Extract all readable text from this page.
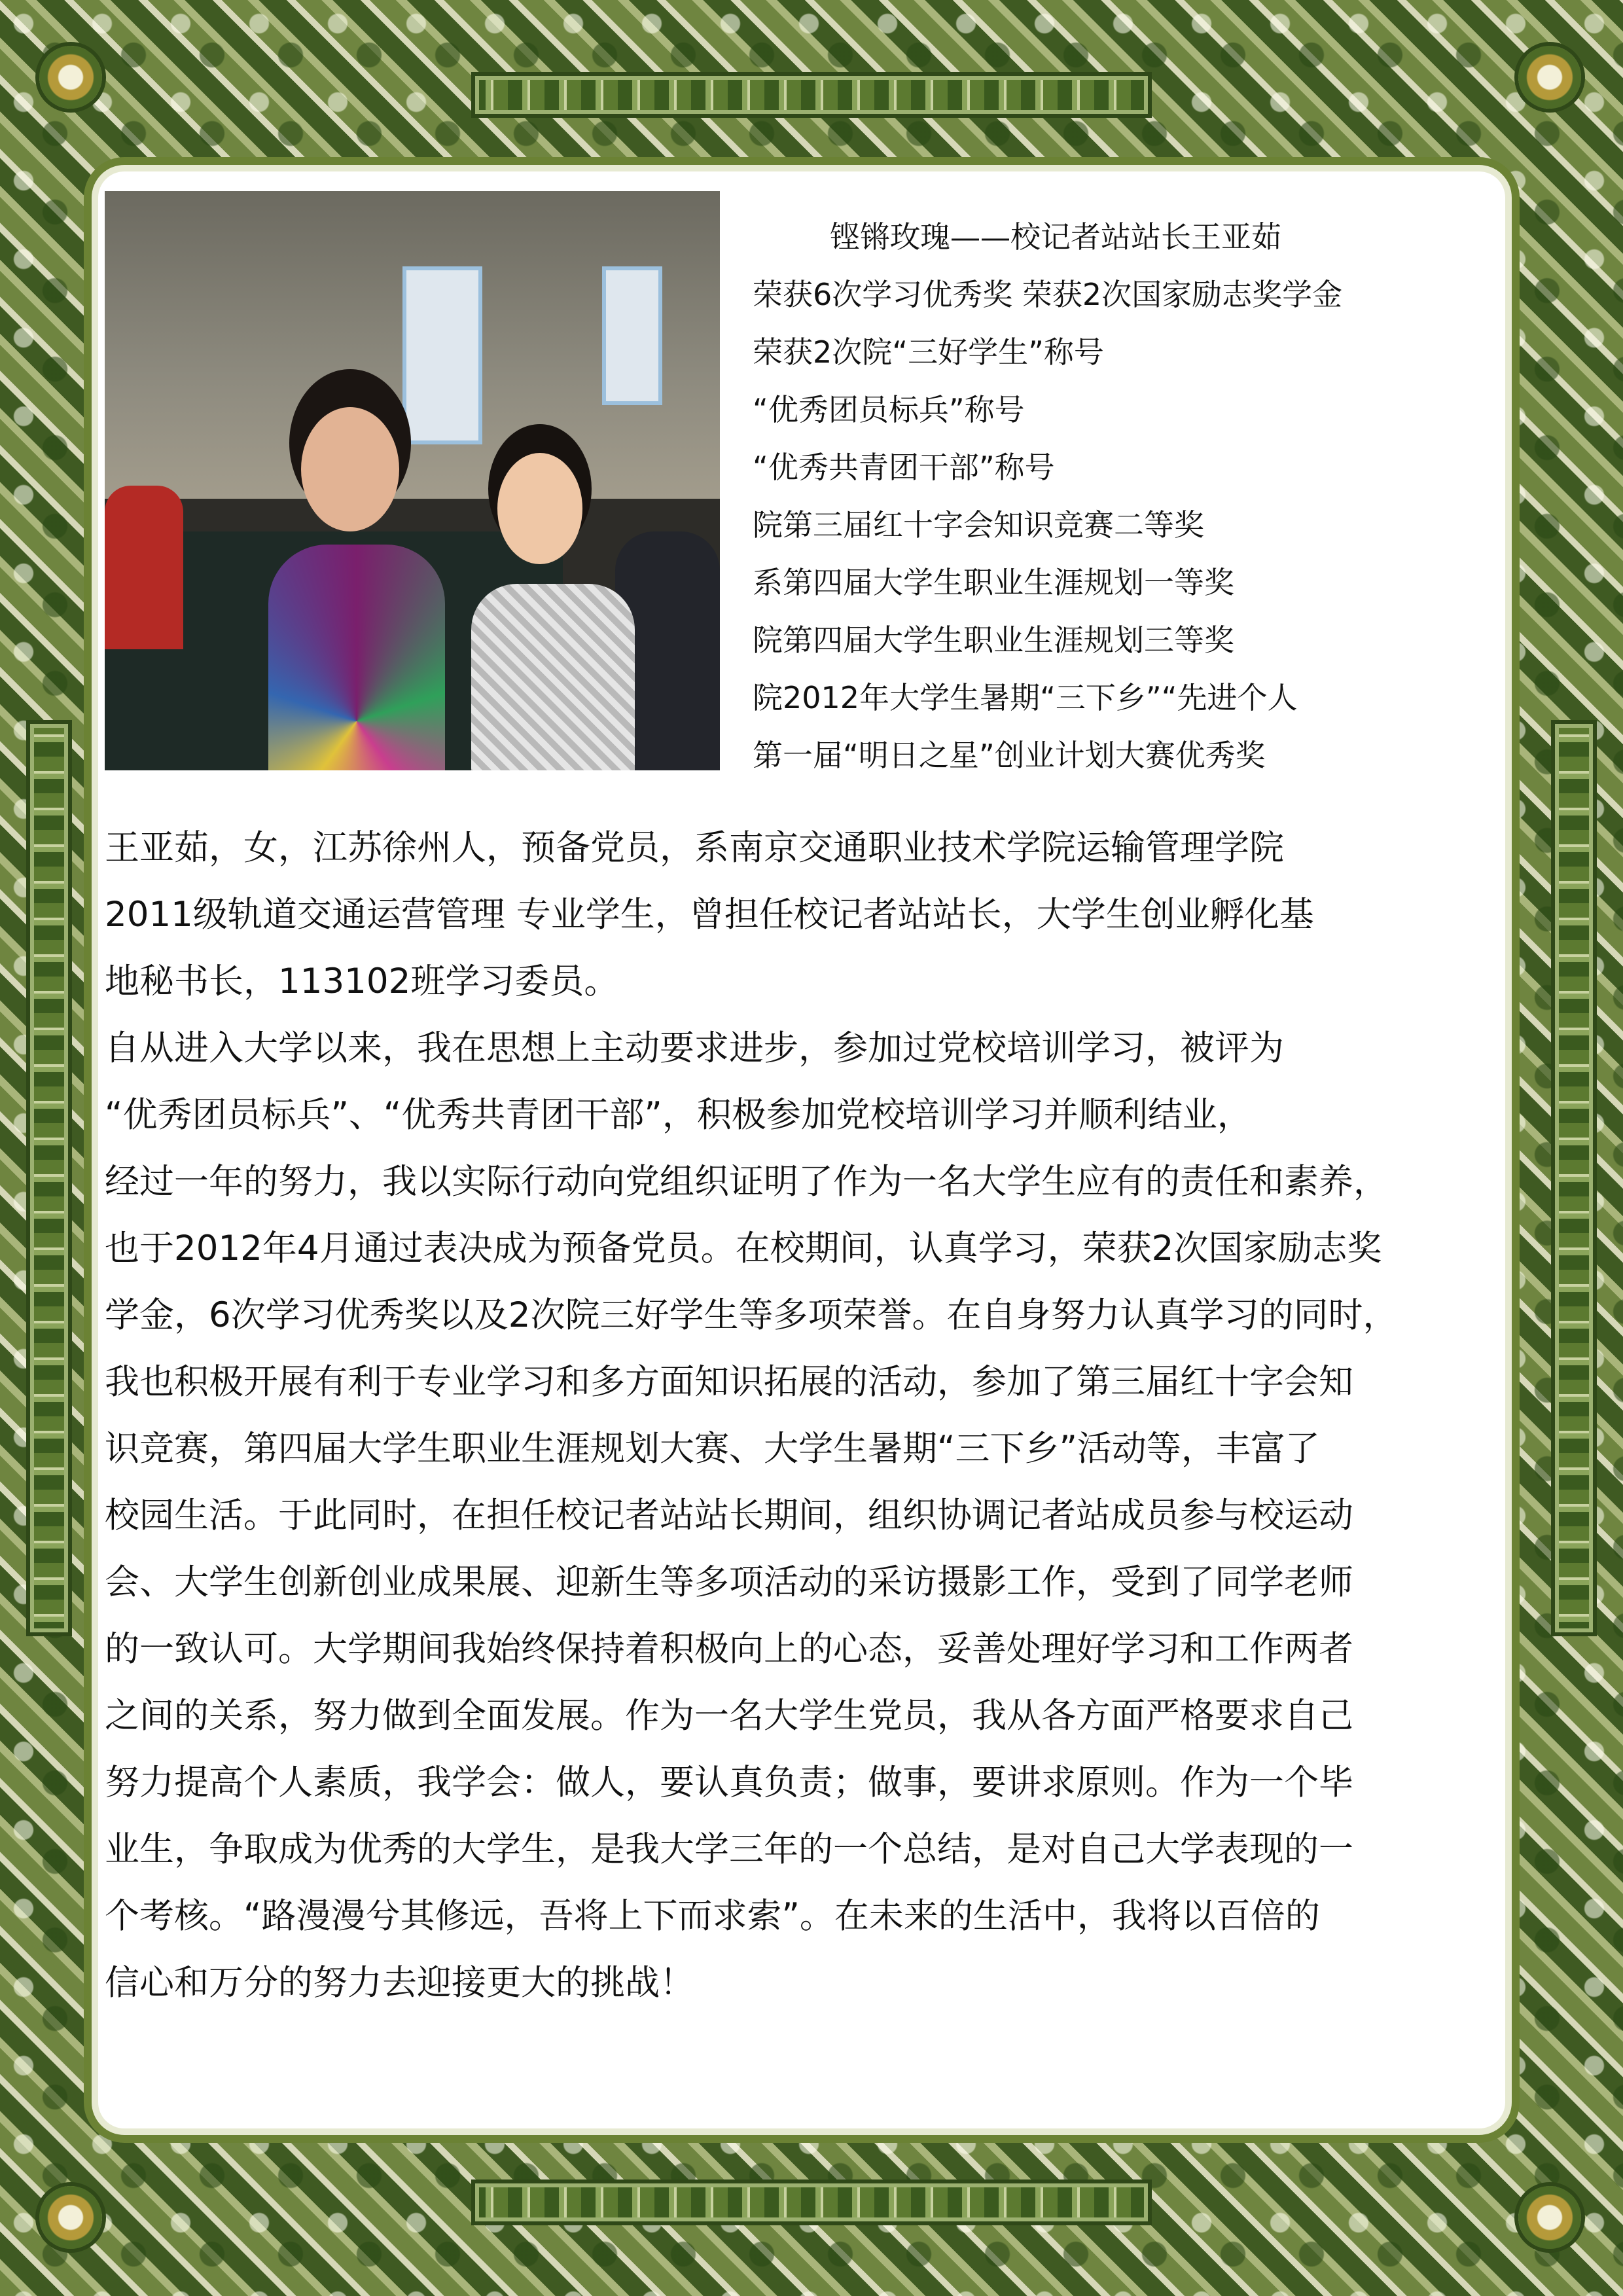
铿锵玫瑰——校记者站站长王亚茹
荣获6次学习优秀奖 荣获2次国家励志奖学金
荣获2次院“三好学生”称号
“优秀团员标兵”称号
“优秀共青团干部”称号
院第三届红十字会知识竞赛二等奖
系第四届大学生职业生涯规划一等奖
院第四届大学生职业生涯规划三等奖
院2012年大学生暑期“三下乡”“先进个人
第一届“明日之星”创业计划大赛优秀奖
王亚茹，女，江苏徐州人，预备党员，系南京交通职业技术学院运输管理学院
2011级轨道交通运营管理 专业学生，曾担任校记者站站长，大学生创业孵化基
地秘书长，113102班学习委员。
自从进入大学以来，我在思想上主动要求进步，参加过党校培训学习，被评为
“优秀团员标兵”、“优秀共青团干部”，积极参加党校培训学习并顺利结业，
经过一年的努力，我以实际行动向党组织证明了作为一名大学生应有的责任和素养，
也于2012年4月通过表决成为预备党员。在校期间，认真学习，荣获2次国家励志奖
学金，6次学习优秀奖以及2次院三好学生等多项荣誉。在自身努力认真学习的同时，
我也积极开展有利于专业学习和多方面知识拓展的活动，参加了第三届红十字会知
识竞赛，第四届大学生职业生涯规划大赛、大学生暑期“三下乡”活动等，丰富了
校园生活。于此同时，在担任校记者站站长期间，组织协调记者站成员参与校运动
会、大学生创新创业成果展、迎新生等多项活动的采访摄影工作，受到了同学老师
的一致认可。大学期间我始终保持着积极向上的心态，妥善处理好学习和工作两者
之间的关系，努力做到全面发展。作为一名大学生党员，我从各方面严格要求自己
努力提高个人素质，我学会：做人，要认真负责；做事，要讲求原则。作为一个毕
业生，争取成为优秀的大学生，是我大学三年的一个总结，是对自己大学表现的一
个考核。“路漫漫兮其修远，吾将上下而求索”。在未来的生活中，我将以百倍的
信心和万分的努力去迎接更大的挑战！
